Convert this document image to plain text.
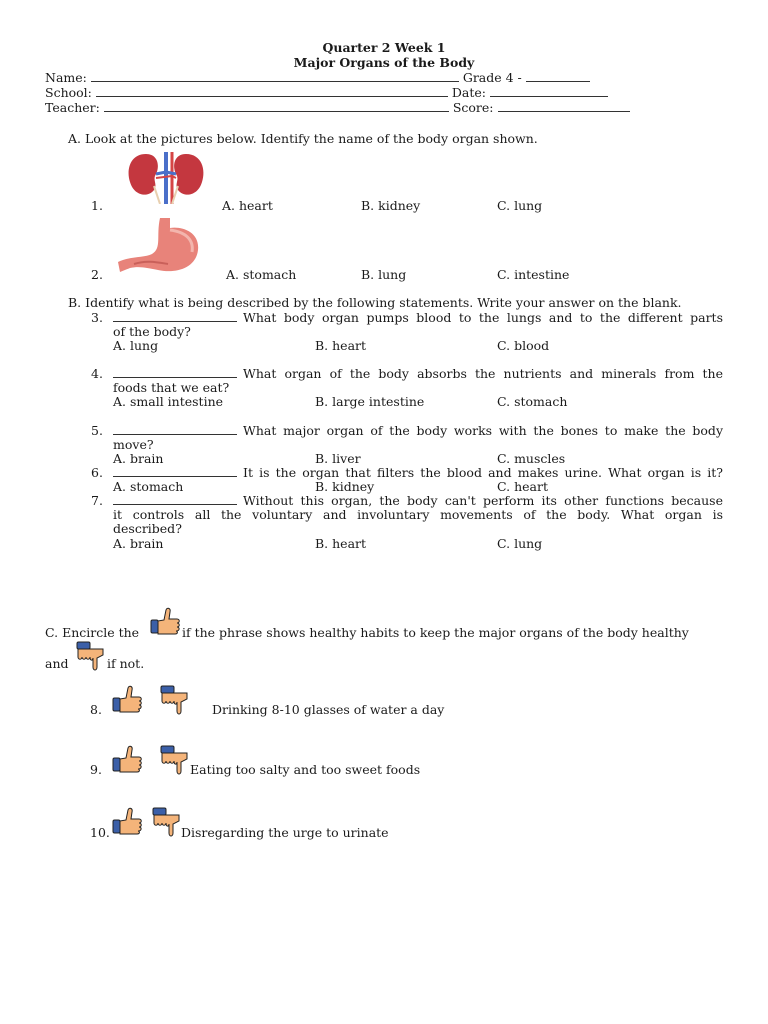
Quarter 2 Week 1
Major Organs of the Body
Name:	Grade 4 -
School:	Date:
Teacher:	Score:
A. Look at the pictures below. Identify the name of the body organ shown.
1.	A. heart	B. kidney	C. lung
2.	A. stomach	B. lung	C. intestine
B. Identify what is being described by the following statements. Write your answer on the blank.
3.	What body organ pumps blood to the lungs and to the different parts
of the body?
A. lung	B. heart	C. blood
4.	What organ of the body absorbs the nutrients and minerals from the
foods that we eat?
A. small intestine	B. large intestine	C. stomach
5.	What major organ of the body works with the bones to make the body
move?
A. brain	B. liver	C. muscles
6.	It is the organ that filters the blood and makes urine. What organ is it?
A. stomach	B. kidney	C. heart
7.	Without this organ, the body can't perform its other functions because
it controls all the voluntary and involuntary movements of the body. What organ is
described?
A. brain	B. heart	C. lung
C. Encircle the	if the phrase shows healthy habits to keep the major organs of the body healthy
and	if not.
8.	Drinking 8-10 glasses of water a day
9.	Eating too salty and too sweet foods
10.	Disregarding the urge to urinate
